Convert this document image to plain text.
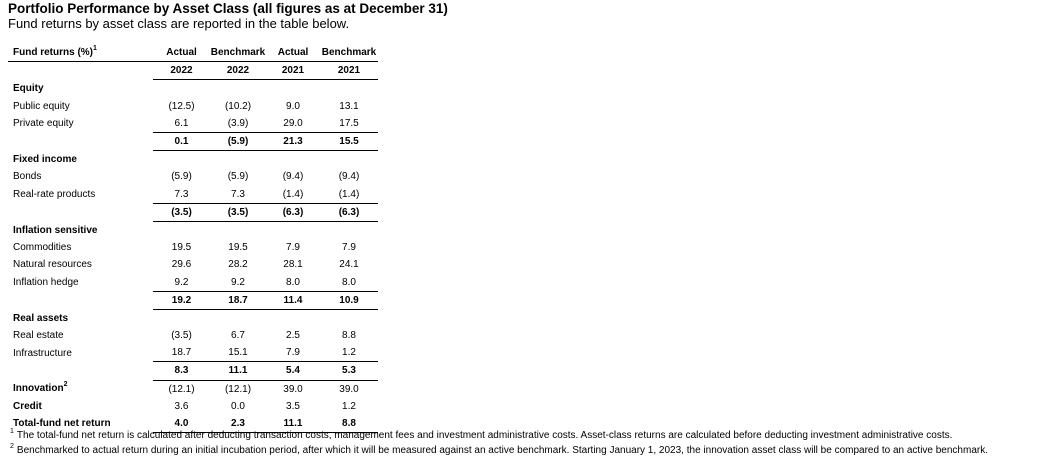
Portfolio Performance by Asset Class (all figures as at December 31)
Fund returns by asset class are reported in the table below.
Fund returns (%)$^1$	Actual	Benchmark	Actual	Benchmark
	2022	2022	2021	2021
Equity				
Public equity	(12.5)	(10.2)	9.0	13.1
Private equity	6.1	(3.9)	29.0	17.5
	0.1	(5.9)	21.3	15.5
Fixed income				
Bonds	(5.9)	(5.9)	(9.4)	(9.4)
Real-rate products	7.3	7.3	(1.4)	(1.4)
	(3.5)	(3.5)	(6.3)	(6.3)
Inflation sensitive				
Commodities	19.5	19.5	7.9	7.9
Natural resources	29.6	28.2	28.1	24.1
Inflation hedge	9.2	9.2	8.0	8.0
	19.2	18.7	11.4	10.9
Real assets				
Real estate	(3.5)	6.7	2.5	8.8
Infrastructure	18.7	15.1	7.9	1.2
	8.3	11.1	5.4	5.3
Innovation$^2$	(12.1)	(12.1)	39.0	39.0
Credit	3.6	0.0	3.5	1.2
Total-fund net return	4.0	2.3	11.1	8.8
$^1$ The total-fund net return is calculated after deducting transaction costs, management fees and investment administrative costs. Asset-class returns are calculated before deducting investment administrative costs.
$^2$ Benchmarked to actual return during an initial incubation period, after which it will be measured against an active benchmark. Starting January 1, 2023, the innovation asset class will be compared to an active benchmark.
